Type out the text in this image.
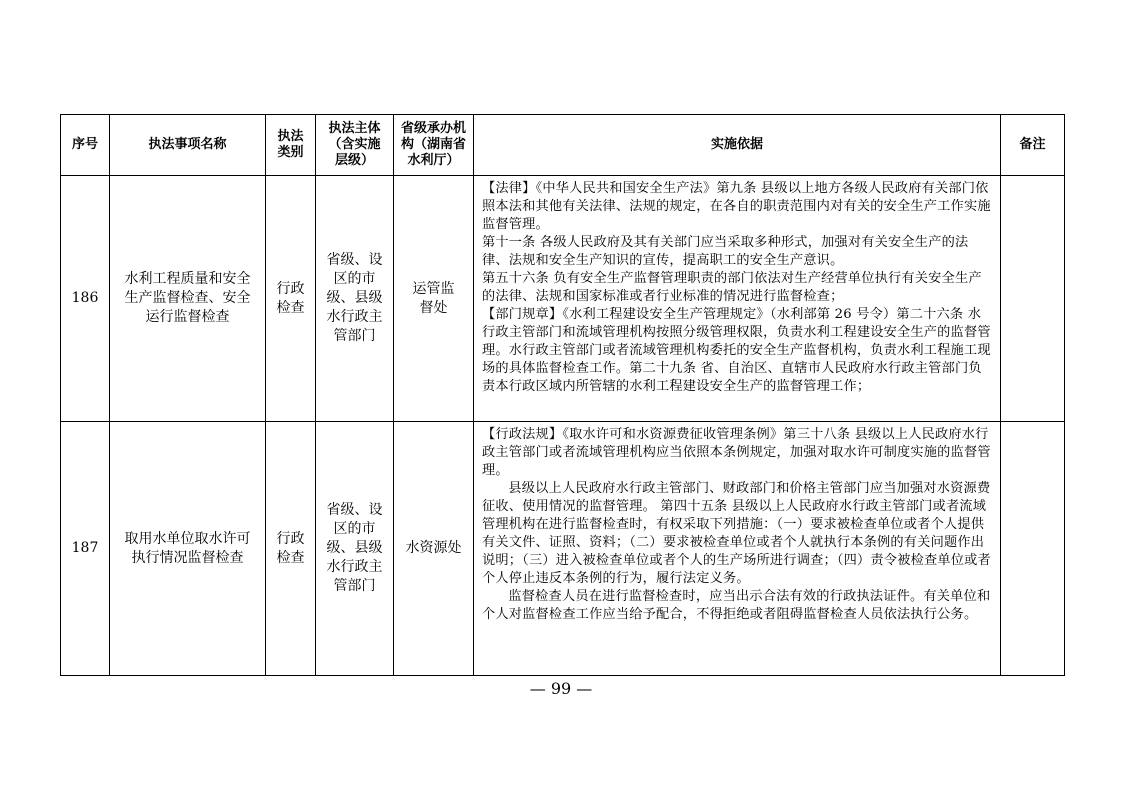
序号	执法事项名称	执法类别	执法主体（含实施层级）	省级承办机构（湖南省水利厅）	实施依据	备注
186	水利工程质量和安全生产监督检查、安全运行监督检查	行政检查	省级、设区的市级、县级水行政主管部门	运管监督处	【法律】《中华人民共和国安全生产法》第九条 县级以上地方各级人民政府有关部门依照本法和其他有关法律、法规的规定，在各自的职责范围内对有关的安全生产工作实施监督管理。

第十一条 各级人民政府及其有关部门应当采取多种形式，加强对有关安全生产的法律、法规和安全生产知识的宣传，提高职工的安全生产意识。

第五十六条 负有安全生产监督管理职责的部门依法对生产经营单位执行有关安全生产的法律、法规和国家标准或者行业标准的情况进行监督检查；

【部门规章】《水利工程建设安全生产管理规定》（水利部第 26 号令）第二十六条 水行政主管部门和流域管理机构按照分级管理权限，负责水利工程建设安全生产的监督管理。水行政主管部门或者流域管理机构委托的安全生产监督机构，负责水利工程施工现场的具体监督检查工作。第二十九条 省、自治区、直辖市人民政府水行政主管部门负责本行政区域内所管辖的水利工程建设安全生产的监督管理工作；	

187	取用水单位取水许可执行情况监督检查	行政检查	省级、设区的市级、县级水行政主管部门	水资源处	【行政法规】《取水许可和水资源费征收管理条例》第三十八条 县级以上人民政府水行政主管部门或者流域管理机构应当依照本条例规定，加强对取水许可制度实施的监督管理。

县级以上人民政府水行政主管部门、财政部门和价格主管部门应当加强对水资源费征收、使用情况的监督管理。 第四十五条 县级以上人民政府水行政主管部门或者流域管理机构在进行监督检查时，有权采取下列措施：（一）要求被检查单位或者个人提供有关文件、证照、资料；（二）要求被检查单位或者个人就执行本条例的有关问题作出说明；（三）进入被检查单位或者个人的生产场所进行调查；（四）责令被检查单位或者个人停止违反本条例的行为，履行法定义务。

监督检查人员在进行监督检查时，应当出示合法有效的行政执法证件。有关单位和个人对监督检查工作应当给予配合，不得拒绝或者阻碍监督检查人员依法执行公务。	

— 99 —
